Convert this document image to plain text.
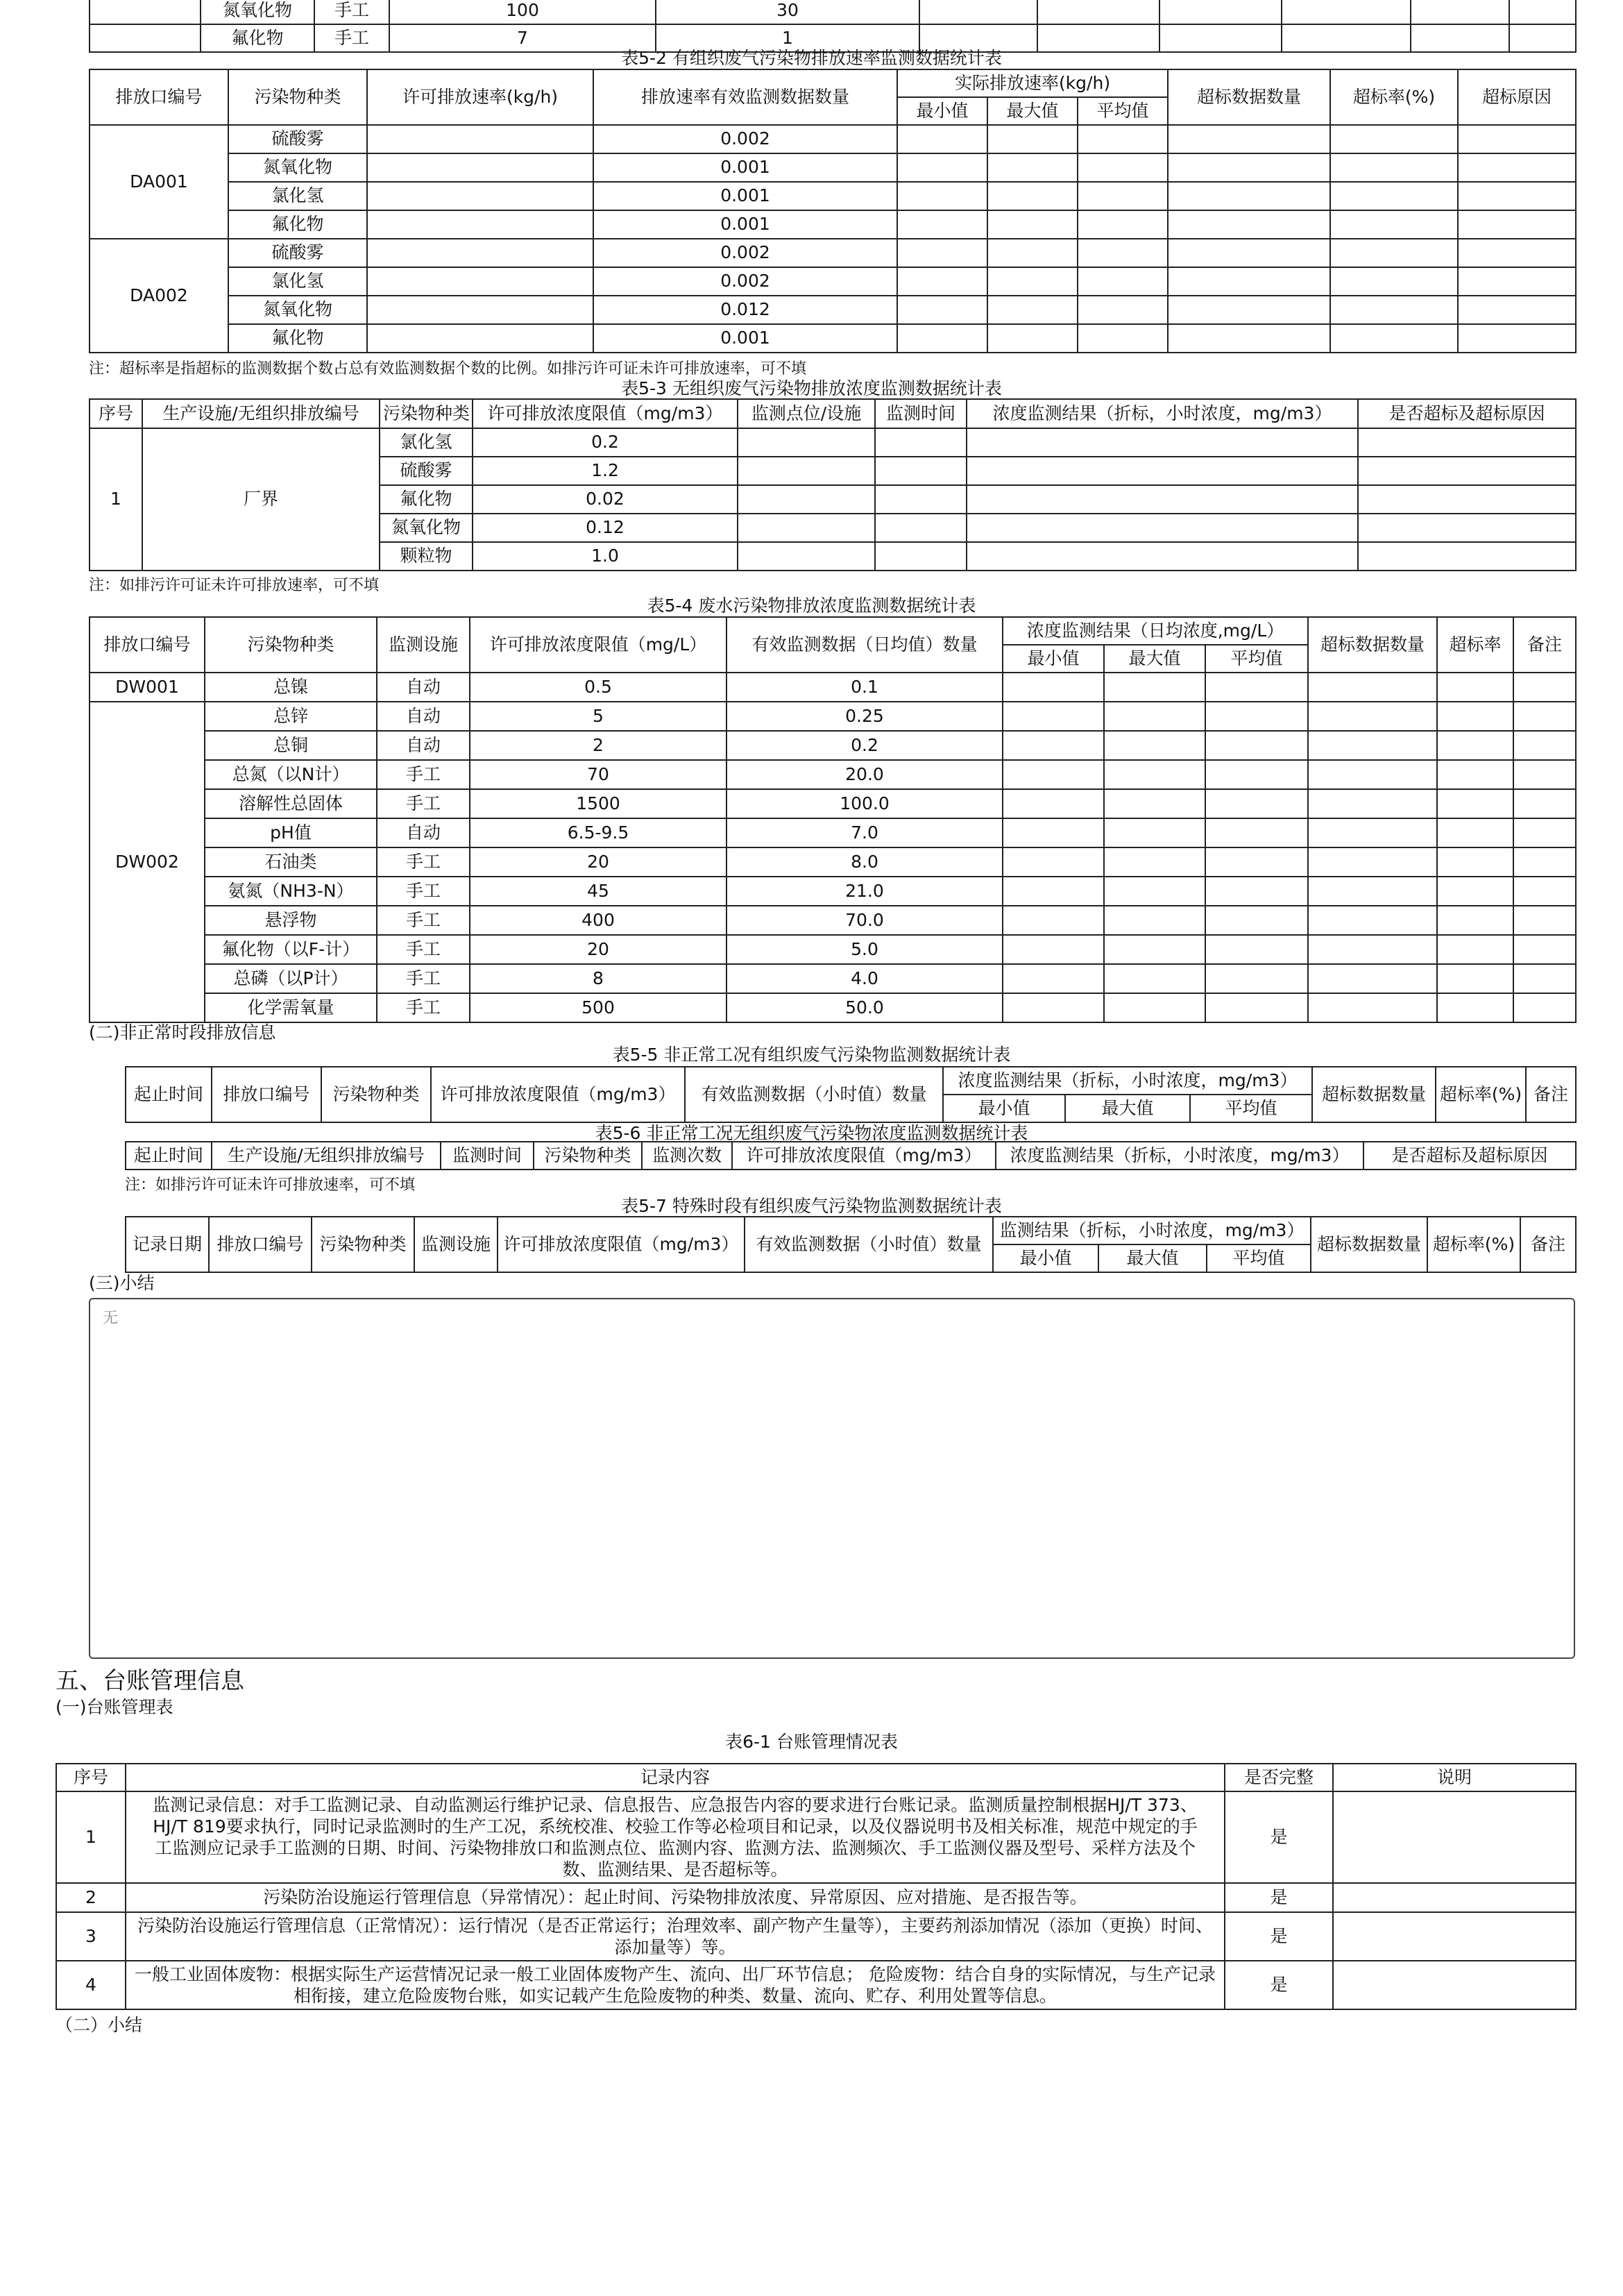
	氮氧化物	手工	100	30						
	氟化物	手工	7	1						
表5-2 有组织废气污染物排放速率监测数据统计表
排放口编号	污染物种类	许可排放速率(kg/h)	排放速率有效监测数据数量	实际排放速率(kg/h)			超标数据数量	超标率(%)	超标原因
				最小值	最大值	平均值			
DA001	硫酸雾		0.002						
	氮氧化物		0.001						
	氯化氢		0.001						
	氟化物		0.001						
DA002	硫酸雾		0.002						
	氯化氢		0.002						
	氮氧化物		0.012						
	氟化物		0.001						
注：超标率是指超标的监测数据个数占总有效监测数据个数的比例。如排污许可证未许可排放速率，可不填
表5-3 无组织废气污染物排放浓度监测数据统计表
序号	生产设施/无组织排放编号	污染物种类	许可排放浓度限值（mg/m3）	监测点位/设施	监测时间	浓度监测结果（折标，小时浓度，mg/m3）	是否超标及超标原因
1	厂界	氯化氢	0.2				
		硫酸雾	1.2				
		氟化物	0.02				
		氮氧化物	0.12				
		颗粒物	1.0				
注：如排污许可证未许可排放速率，可不填
表5-4 废水污染物排放浓度监测数据统计表
排放口编号	污染物种类	监测设施	许可排放浓度限值（mg/L）	有效监测数据（日均值）数量	浓度监测结果（日均浓度,mg/L）			超标数据数量	超标率	备注
					最小值	最大值	平均值			
DW001	总镍	自动	0.5	0.1						
DW002	总锌	自动	5	0.25						
	总铜	自动	2	0.2						
	总氮（以N计）	手工	70	20.0						
	溶解性总固体	手工	1500	100.0						
	pH值	自动	6.5-9.5	7.0						
	石油类	手工	20	8.0						
	氨氮（NH3-N）	手工	45	21.0						
	悬浮物	手工	400	70.0						
	氟化物（以F-计）	手工	20	5.0						
	总磷（以P计）	手工	8	4.0						
	化学需氧量	手工	500	50.0						
(二)非正常时段排放信息
表5-5 非正常工况有组织废气污染物监测数据统计表
起止时间	排放口编号	污染物种类	许可排放浓度限值（mg/m3）	有效监测数据（小时值）数量	浓度监测结果（折标，小时浓度，mg/m3）			超标数据数量	超标率(%)	备注
					最小值	最大值	平均值			
表5-6 非正常工况无组织废气污染物浓度监测数据统计表
起止时间	生产设施/无组织排放编号	监测时间	污染物种类	监测次数	许可排放浓度限值（mg/m3）	浓度监测结果（折标，小时浓度，mg/m3）	是否超标及超标原因
注：如排污许可证未许可排放速率，可不填
表5-7 特殊时段有组织废气污染物监测数据统计表
记录日期	排放口编号	污染物种类	监测设施	许可排放浓度限值（mg/m3）	有效监测数据（小时值）数量	监测结果（折标，小时浓度，mg/m3）			超标数据数量	超标率(%)	备注
						最小值	最大值	平均值			
(三)小结
无
五、台账管理信息
(一)台账管理表
表6-1 台账管理情况表
序号	记录内容	是否完整	说明
1	监测记录信息：对手工监测记录、自动监测运行维护记录、信息报告、应急报告内容的要求进行台账记录。监测质量控制根据HJ/T 373、HJ/T 819要求执行，同时记录监测时的生产工况，系统校准、校验工作等必检项目和记录，以及仪器说明书及相关标准，规范中规定的手工监测应记录手工监测的日期、时间、污染物排放口和监测点位、监测内容、监测方法、监测频次、手工监测仪器及型号、采样方法及个数、监测结果、是否超标等。	是	
2	污染防治设施运行管理信息（异常情况）：起止时间、污染物排放浓度、异常原因、应对措施、是否报告等。	是	
3	污染防治设施运行管理信息（正常情况）：运行情况（是否正常运行；治理效率、副产物产生量等），主要药剂添加情况（添加（更换）时间、添加量等）等。	是	
4	一般工业固体废物：根据实际生产运营情况记录一般工业固体废物产生、流向、出厂环节信息； 危险废物：结合自身的实际情况，与生产记录相衔接，建立危险废物台账，如实记载产生危险废物的种类、数量、流向、贮存、利用处置等信息。	是	
（二）小结
